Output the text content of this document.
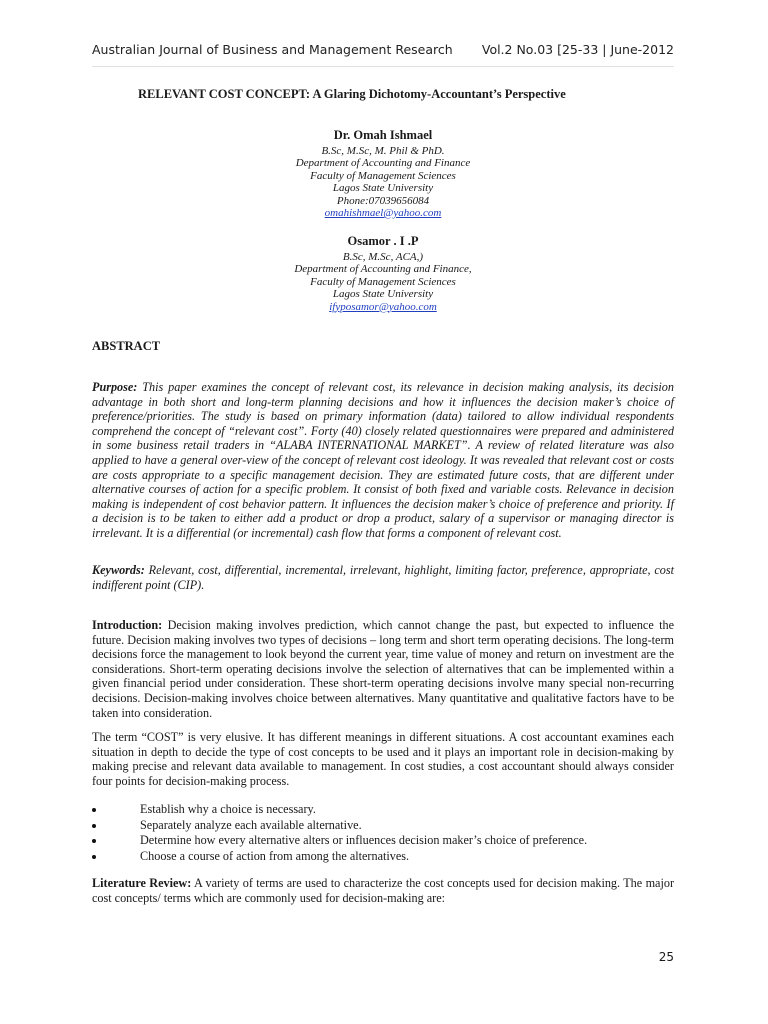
Australian Journal of Business and Management Research Vol.2 No.03 [25-33 | June-2012
RELEVANT COST CONCEPT: A Glaring Dichotomy-Accountant’s Perspective
Dr. Omah Ishmael
B.Sc, M.Sc, M. Phil & PhD.
Department of Accounting and Finance
Faculty of Management Sciences
Lagos State University
Phone:07039656084
omahishmael@yahoo.com
Osamor . I .P
B.Sc, M.Sc, ACA,)
Department of Accounting and Finance,
Faculty of Management Sciences
Lagos State University
ifyposamor@yahoo.com
ABSTRACT

Purpose: This paper examines the concept of relevant cost, its relevance in decision making analysis, its decision advantage in both short and long-term planning decisions and how it influences the decision maker’s choice of preference/priorities. The study is based on primary information (data) tailored to allow individual respondents comprehend the concept of “relevant cost”. Forty (40) closely related questionnaires were prepared and administered in some business retail traders in “ALABA INTERNATIONAL MARKET”. A review of related literature was also applied to have a general over-view of the concept of relevant cost ideology. It was revealed that relevant cost or costs are costs appropriate to a specific management decision. They are estimated future costs, that are different under alternative courses of action for a specific problem. It consist of both fixed and variable costs. Relevance in decision making is independent of cost behavior pattern. It influences the decision maker’s choice of preference and priority. If a decision is to be taken to either add a product or drop a product, salary of a supervisor or managing director is irrelevant. It is a differential (or incremental) cash flow that forms a component of relevant cost.

Keywords: Relevant, cost, differential, incremental, irrelevant, highlight, limiting factor, preference, appropriate, cost indifferent point (CIP).

Introduction: Decision making involves prediction, which cannot change the past, but expected to influence the future. Decision making involves two types of decisions – long term and short term operating decisions. The long-term decisions force the management to look beyond the current year, time value of money and return on investment are the considerations. Short-term operating decisions involve the selection of alternatives that can be implemented within a given financial period under consideration. These short-term operating decisions involve many special non-recurring decisions. Decision-making involves choice between alternatives. Many quantitative and qualitative factors have to be taken into consideration.

The term “COST” is very elusive. It has different meanings in different situations. A cost accountant examines each situation in depth to decide the type of cost concepts to be used and it plays an important role in decision-making by making precise and relevant data available to management. In cost studies, a cost accountant should always consider four points for decision-making process.

Establish why a choice is necessary.
Separately analyze each available alternative.
Determine how every alternative alters or influences decision maker’s choice of preference.
Choose a course of action from among the alternatives.

Literature Review: A variety of terms are used to characterize the cost concepts used for decision making. The major cost concepts/ terms which are commonly used for decision-making are:

25
